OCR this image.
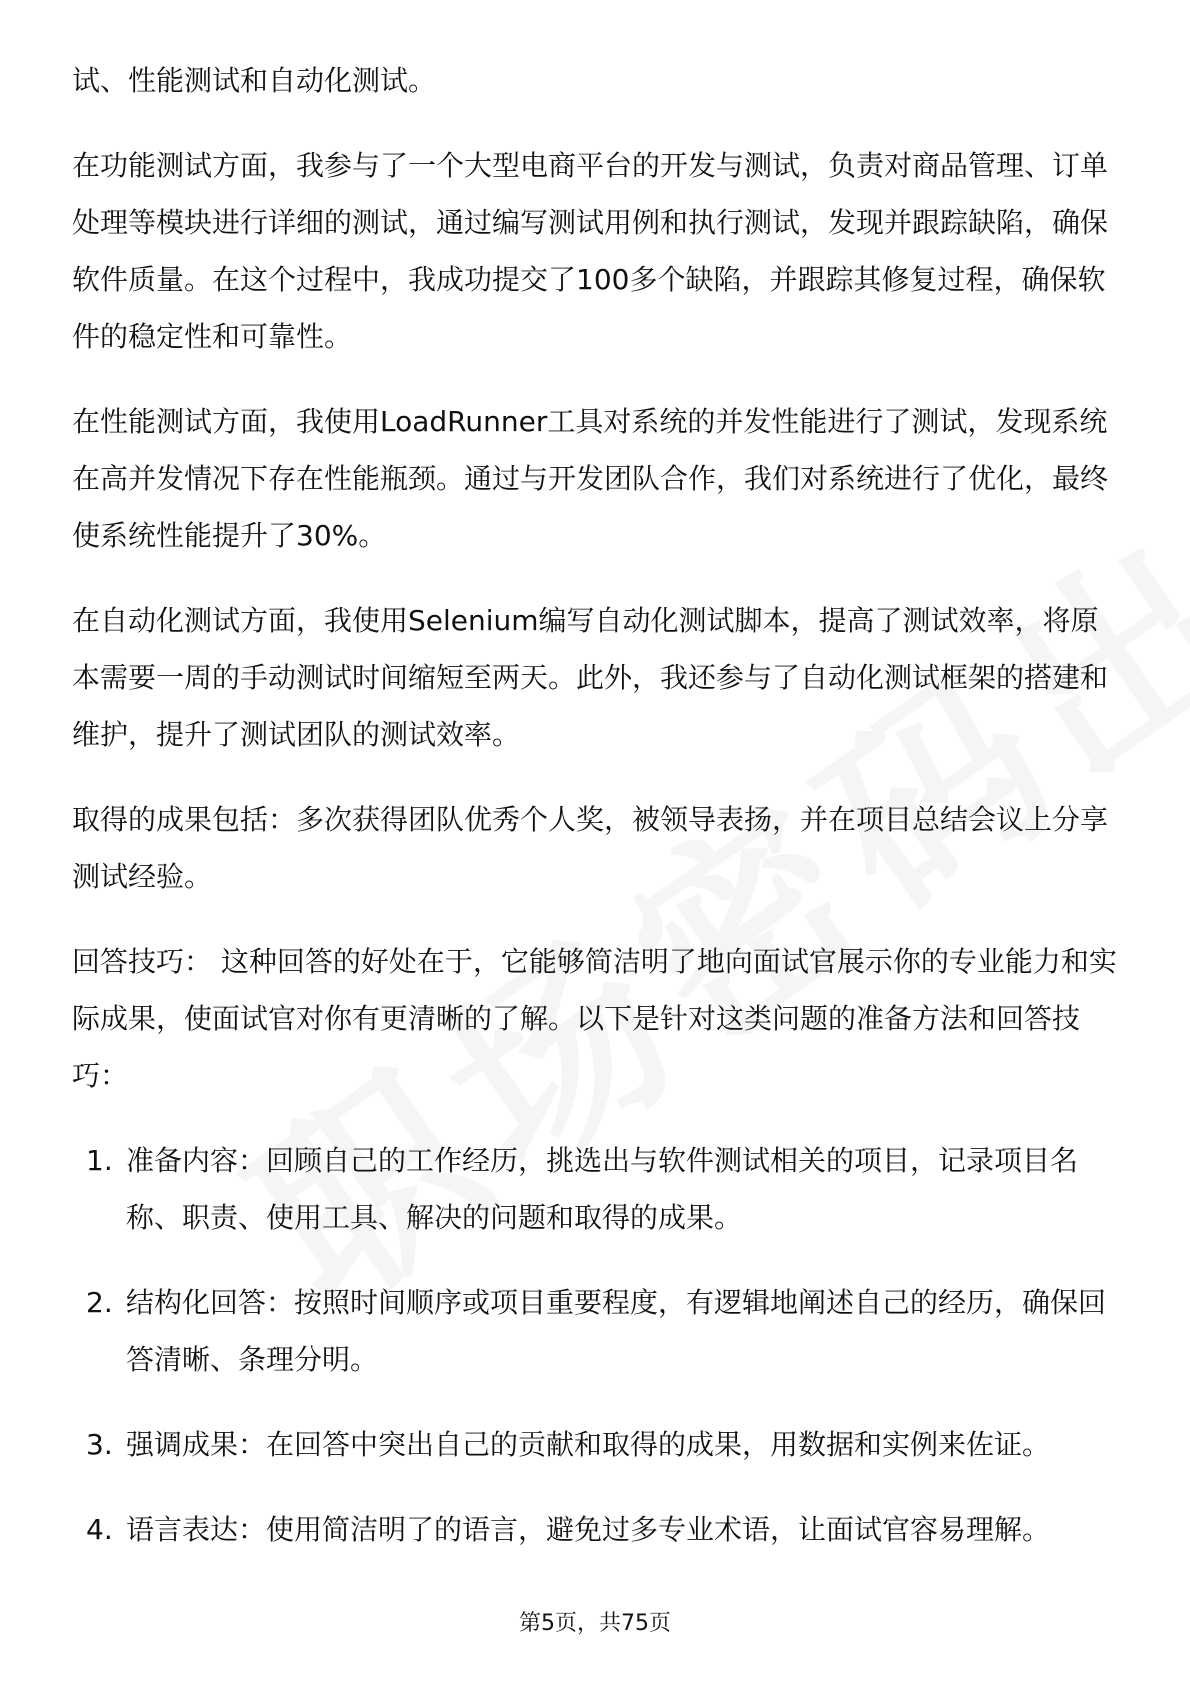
试、性能测试和自动化测试。

在功能测试方面，我参与了一个大型电商平台的开发与测试，负责对商品管理、订单处理等模块进行详细的测试，通过编写测试用例和执行测试，发现并跟踪缺陷，确保软件质量。在这个过程中，我成功提交了100多个缺陷，并跟踪其修复过程，确保软件的稳定性和可靠性。

在性能测试方面，我使用LoadRunner工具对系统的并发性能进行了测试，发现系统在高并发情况下存在性能瓶颈。通过与开发团队合作，我们对系统进行了优化，最终使系统性能提升了30%。

在自动化测试方面，我使用Selenium编写自动化测试脚本，提高了测试效率，将原本需要一周的手动测试时间缩短至两天。此外，我还参与了自动化测试框架的搭建和维护，提升了测试团队的测试效率。

取得的成果包括：多次获得团队优秀个人奖，被领导表扬，并在项目总结会议上分享测试经验。

回答技巧： 这种回答的好处在于，它能够简洁明了地向面试官展示你的专业能力和实际成果，使面试官对你有更清晰的了解。以下是针对这类问题的准备方法和回答技巧：

1. 准备内容：回顾自己的工作经历，挑选出与软件测试相关的项目，记录项目名称、职责、使用工具、解决的问题和取得的成果。
2. 结构化回答：按照时间顺序或项目重要程度，有逻辑地阐述自己的经历，确保回答清晰、条理分明。
3. 强调成果：在回答中突出自己的贡献和取得的成果，用数据和实例来佐证。
4. 语言表达：使用简洁明了的语言，避免过多专业术语，让面试官容易理解。
第5页，共75页
